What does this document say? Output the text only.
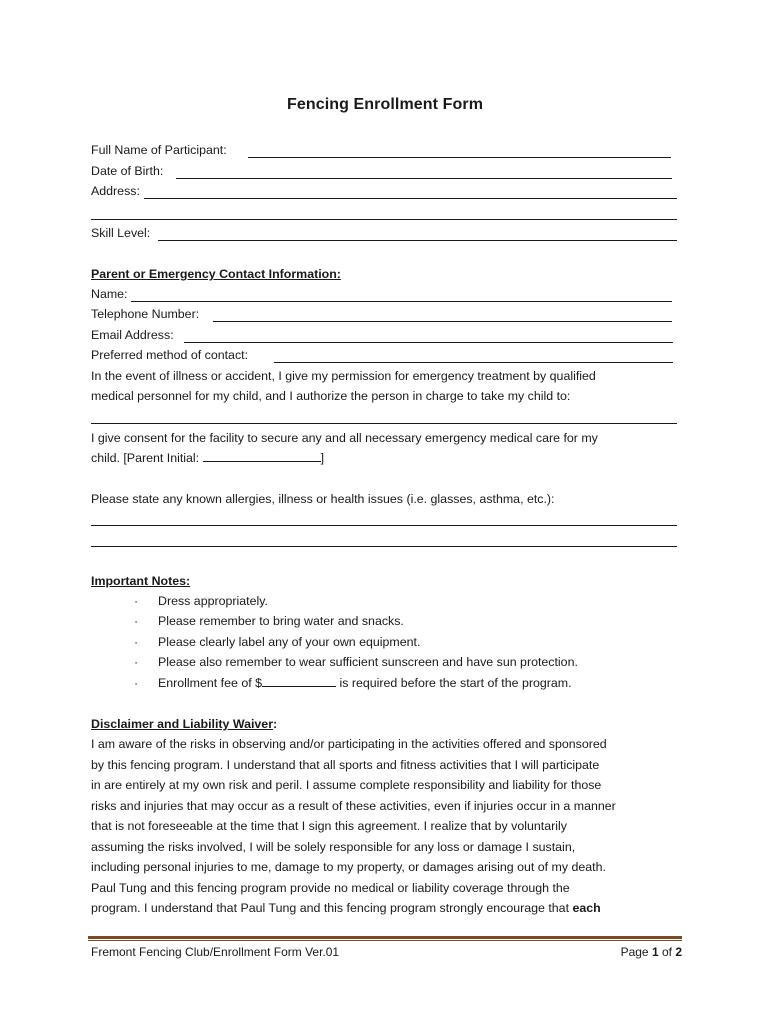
Fencing Enrollment Form
Full Name of Participant:
Date of Birth:
Address:
Skill Level:
Parent or Emergency Contact Information:
Name:
Telephone Number:
Email Address:
Preferred method of contact:
In the event of illness or accident, I give my permission for emergency treatment by qualified
medical personnel for my child, and I authorize the person in charge to take my child to:
I give consent for the facility to secure any and all necessary emergency medical care for my
child. [Parent Initial:	]
Please state any known allergies, illness or health issues (i.e. glasses, asthma, etc.):
Important Notes:
· Dress appropriately.
· Please remember to bring water and snacks.
· Please clearly label any of your own equipment.
· Please also remember to wear sufficient sunscreen and have sun protection.
· Enrollment fee of $	is required before the start of the program.
Disclaimer and Liability Waiver:
I am aware of the risks in observing and/or participating in the activities offered and sponsored
by this fencing program. I understand that all sports and fitness activities that I will participate
in are entirely at my own risk and peril. I assume complete responsibility and liability for those
risks and injuries that may occur as a result of these activities, even if injuries occur in a manner
that is not foreseeable at the time that I sign this agreement. I realize that by voluntarily
assuming the risks involved, I will be solely responsible for any loss or damage I sustain,
including personal injuries to me, damage to my property, or damages arising out of my death.
Paul Tung and this fencing program provide no medical or liability coverage through the
program. I understand that Paul Tung and this fencing program strongly encourage that each
Fremont Fencing Club/Enrollment Form Ver.01	Page 1 of 2
